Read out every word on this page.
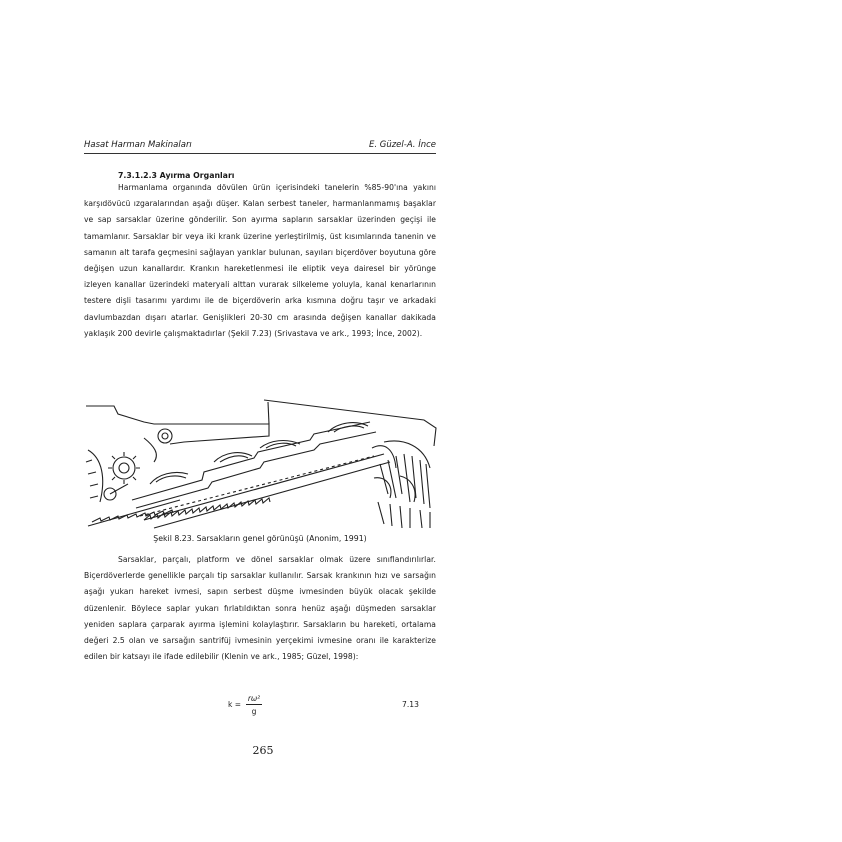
Hasat Harman Makinaları	E. Güzel-A. İnce
7.3.1.2.3 Ayırma Organları

Harmanlama organında dövülen ürün içerisindeki tanelerin %85-90'ına yakını karşıdövücü ızgaralarından aşağı düşer. Kalan serbest taneler, harmanlanmamış başaklar ve sap sarsaklar üzerine gönderilir. Son ayırma sapların sarsaklar üzerinden geçişi ile tamamlanır. Sarsaklar bir veya iki krank üzerine yerleştirilmiş, üst kısımlarında tanenin ve samanın alt tarafa geçmesini sağlayan yarıklar bulunan, sayıları biçerdöver boyutuna göre değişen uzun kanallardır. Krankın hareketlenmesi ile eliptik veya dairesel bir yörünge izleyen kanallar üzerindeki materyali alttan vurarak silkeleme yoluyla, kanal kenarlarının testere dişli tasarımı yardımı ile de biçerdöverin arka kısmına doğru taşır ve arkadaki davlumbazdan dışarı atarlar. Genişlikleri 20-30 cm arasında değişen kanallar dakikada yaklaşık 200 devirle çalışmaktadırlar (Şekil 7.23) (Srivastava ve ark., 1993; İnce, 2002).

Şekil 8.23. Sarsakların genel görünüşü (Anonim, 1991)

Sarsaklar, parçalı, platform ve dönel sarsaklar olmak üzere sınıflandırılırlar. Biçerdöverlerde genellikle parçalı tip sarsaklar kullanılır. Sarsak krankının hızı ve sarsağın aşağı yukarı hareket ivmesi, sapın serbest düşme ivmesinden büyük olacak şekilde düzenlenir. Böylece saplar yukarı fırlatıldıktan sonra henüz aşağı düşmeden sarsaklar yeniden saplara çarparak ayırma işlemini kolaylaştırır. Sarsakların bu hareketi, ortalama değeri 2.5 olan ve sarsağın santrifüj ivmesinin yerçekimi ivmesine oranı ile karakterize edilen bir katsayı ile ifade edilebilir (Klenin ve ark., 1985; Güzel, 1998):

$k = \frac{\text{rω²}}{g}$	7.13
265
